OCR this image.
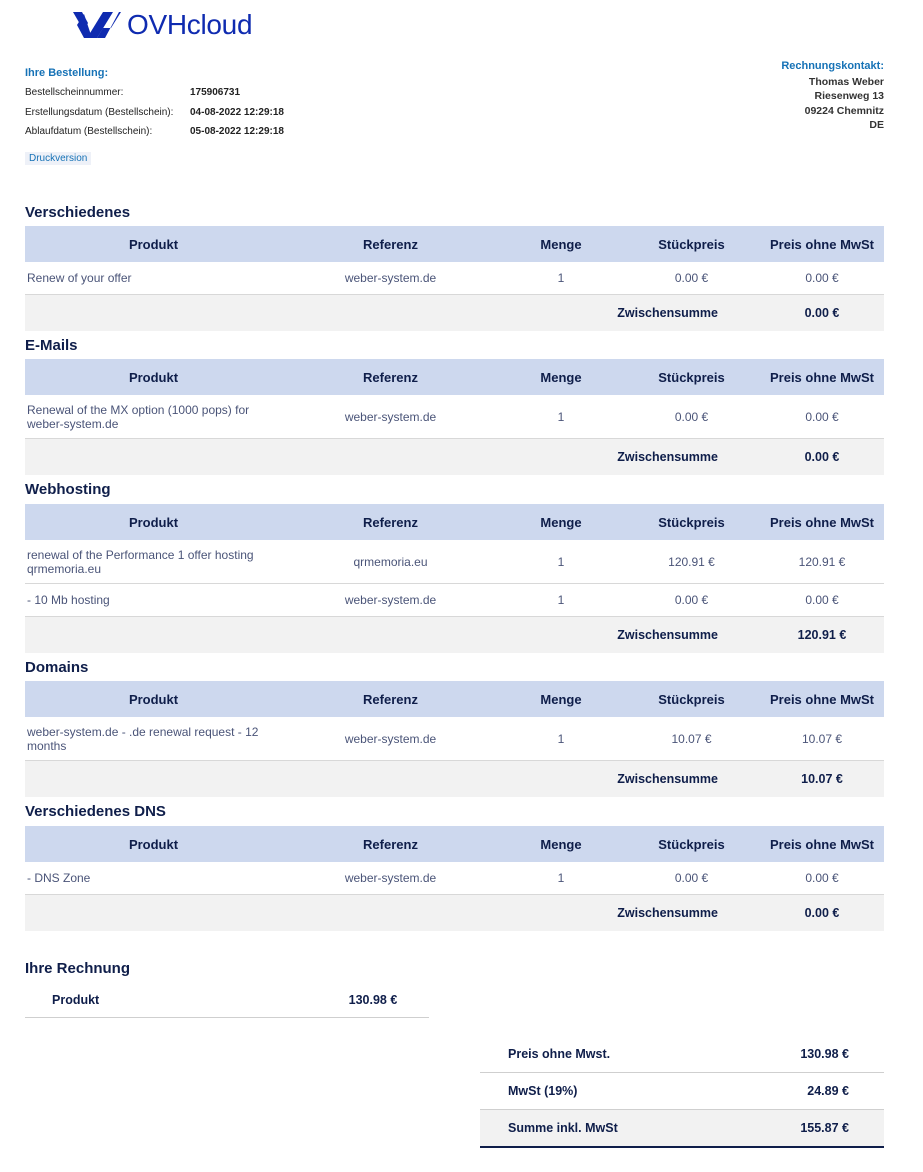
OVHcloud
Ihre Bestellung:
Bestellscheinnummer:	175906731
Erstellungsdatum (Bestellschein): 04-08-2022 12:29:18
Ablaufdatum (Bestellschein):	05-08-2022 12:29:18
Druckversion
Rechnungskontakt:
Thomas Weber
Riesenweg 13
09224 Chemnitz
DE
Verschiedenes
Produkt	Referenz	Menge	Stückpreis	Preis ohne MwSt
Renew of your offer	weber-system.de	1	0.00 €	0.00 €
Zwischensumme	0.00 €
E-Mails
Produkt	Referenz	Menge	Stückpreis	Preis ohne MwSt
Renewal of the MX option (1000 pops) for weber-system.de	weber-system.de	1	0.00 €	0.00 €
Zwischensumme	0.00 €
Webhosting
Produkt	Referenz	Menge	Stückpreis	Preis ohne MwSt
renewal of the Performance 1 offer hosting qrmemoria.eu	qrmemoria.eu	1	120.91 €	120.91 €
- 10 Mb hosting	weber-system.de	1	0.00 €	0.00 €
Zwischensumme	120.91 €
Domains
Produkt	Referenz	Menge	Stückpreis	Preis ohne MwSt
weber-system.de - .de renewal request - 12 months	weber-system.de	1	10.07 €	10.07 €
Zwischensumme	10.07 €
Verschiedenes DNS
Produkt	Referenz	Menge	Stückpreis	Preis ohne MwSt
- DNS Zone	weber-system.de	1	0.00 €	0.00 €
Zwischensumme	0.00 €
Ihre Rechnung
Produkt	130.98 €
Preis ohne Mwst.	130.98 €
MwSt (19%)	24.89 €
Summe inkl. MwSt	155.87 €
